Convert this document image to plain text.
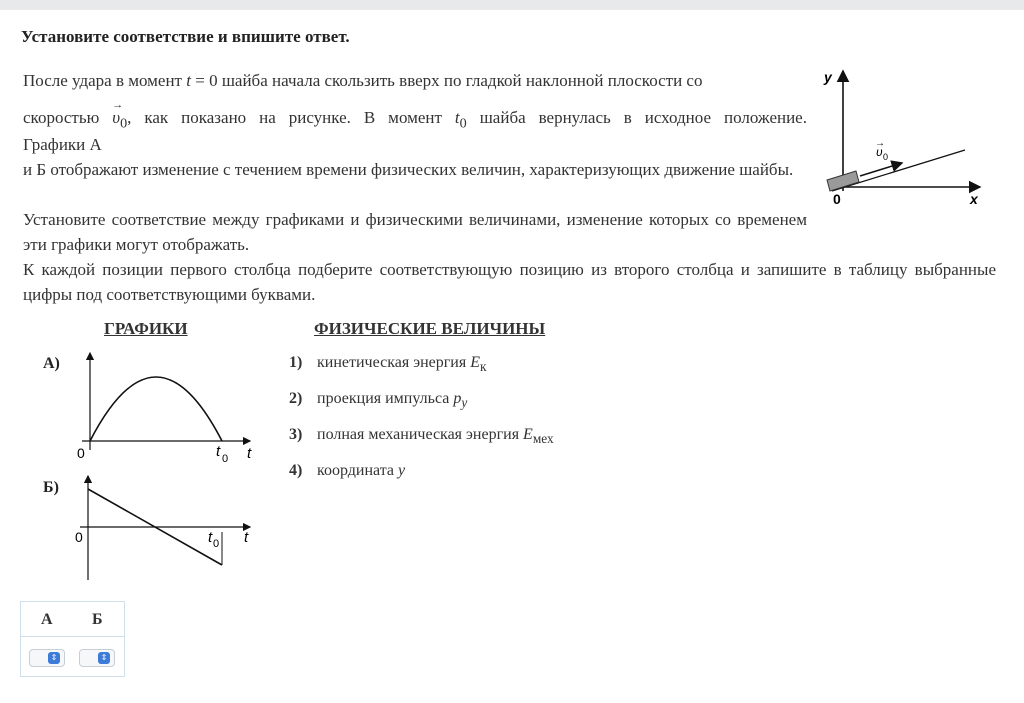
Установите соответствие и впишите ответ.
После удара в момент t = 0 шайба начала скользить вверх по гладкой наклонной плоскости со
скоростью → $\upsilon_0$, как показано на рисунке. В момент $t_0$ шайба вернулась в исходное положение.
Графики А
и Б отображают изменение с течением времени физических величин, характеризующих движение шайбы.
Установите соответствие между графиками и физическими величинами, изменение которых со временем эти графики могут отображать.
К каждой позиции первого столбца подберите соответствующую позицию из второго столбца и запишите в таблицу выбранные цифры под соответствующими буквами.
y
x
0
υ 0
→
ГРАФИКИ	ФИЗИЧЕСКИЕ ВЕЛИЧИНЫ
А)
0	t 0 t
Б)
0	t 0 t
1) кинетическая энергия $E_к$
2) проекция импульса $p_y$
3) полная механическая энергия $E_{мех}$
4) координата y
А Б
⇕	⇕
